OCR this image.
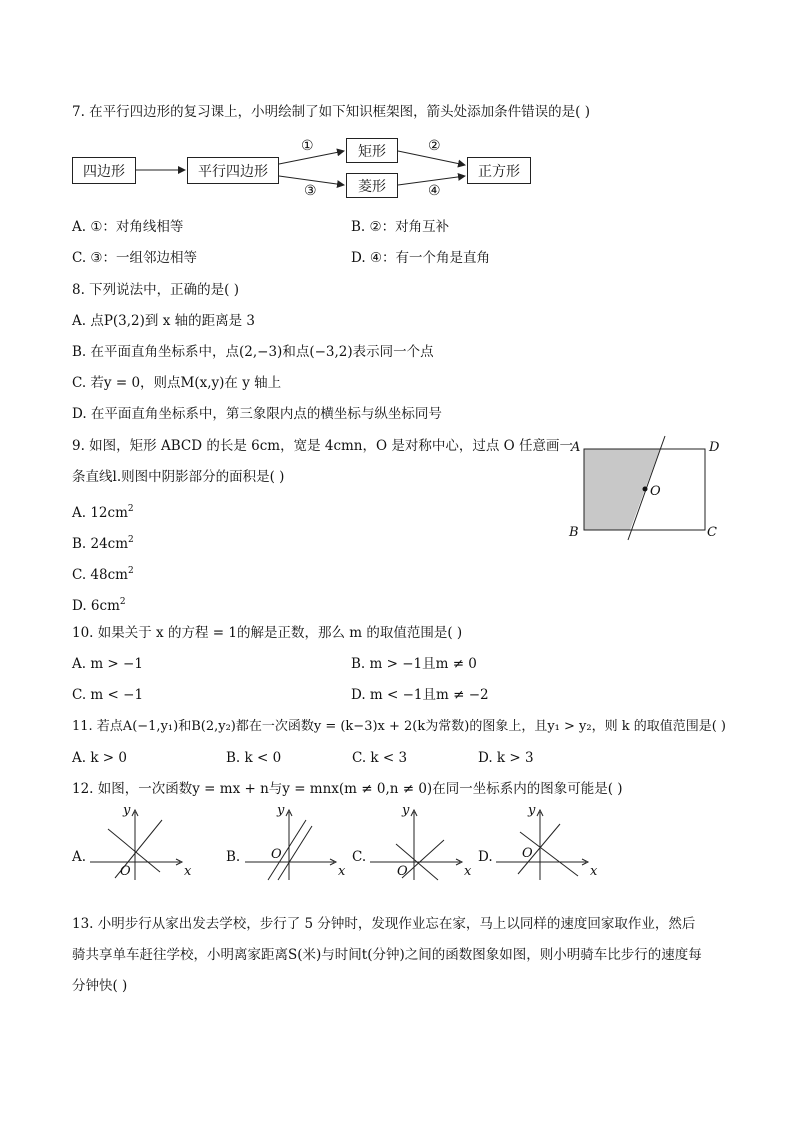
7. 在平行四边形的复习课上，小明绘制了如下知识框架图，箭头处添加条件错误的是( )
四边形	平行四边形
矩形
菱形
正方形
①	②
③	④
A. ①：对角线相等	B. ②：对角互补
C. ③：一组邻边相等	D. ④：有一个角是直角
8. 下列说法中，正确的是( )
A. 点P(3,2)到 x 轴的距离是 3
B. 在平面直角坐标系中，点(2,−3)和点(−3,2)表示同一个点
C. 若y = 0，则点M(x,y)在 y 轴上
D. 在平面直角坐标系中，第三象限内点的横坐标与纵坐标同号
9. 如图，矩形 ABCD 的长是 6cm，宽是 4cmn，O 是对称中心，过点 O 任意画一
条直线l.则图中阴影部分的面积是( )
A. $12cm^2$
B. $24cm^2$
C. $48cm^2$
D. $6cm^2$
A	D
B	C
O
10. 如果关于 x 的方程 = 1的解是正数，那么 m 的取值范围是( )
A. m > −1	B. m > −1且m ≠ 0
C. m < −1	D. m < −1且m ≠ −2
11. 若点A(−1,y₁)和B(2,y₂)都在一次函数y = (k−3)x + 2(k为常数)的图象上，且y₁ > y₂，则 k 的取值范围是( )
A. k > 0	B. k < 0	C. k < 3	D. k > 3
12. 如图，一次函数y = mx + n与y = mnx(m ≠ 0,n ≠ 0)在同一坐标系内的图象可能是( )
A.
y
x
O
B.
y
x
O	C.
y
x
O
D.
y
x
O
13. 小明步行从家出发去学校，步行了 5 分钟时，发现作业忘在家，马上以同样的速度回家取作业，然后
骑共享单车赶往学校，小明离家距离S(米)与时间t(分钟)之间的函数图象如图，则小明骑车比步行的速度每
分钟快( )
